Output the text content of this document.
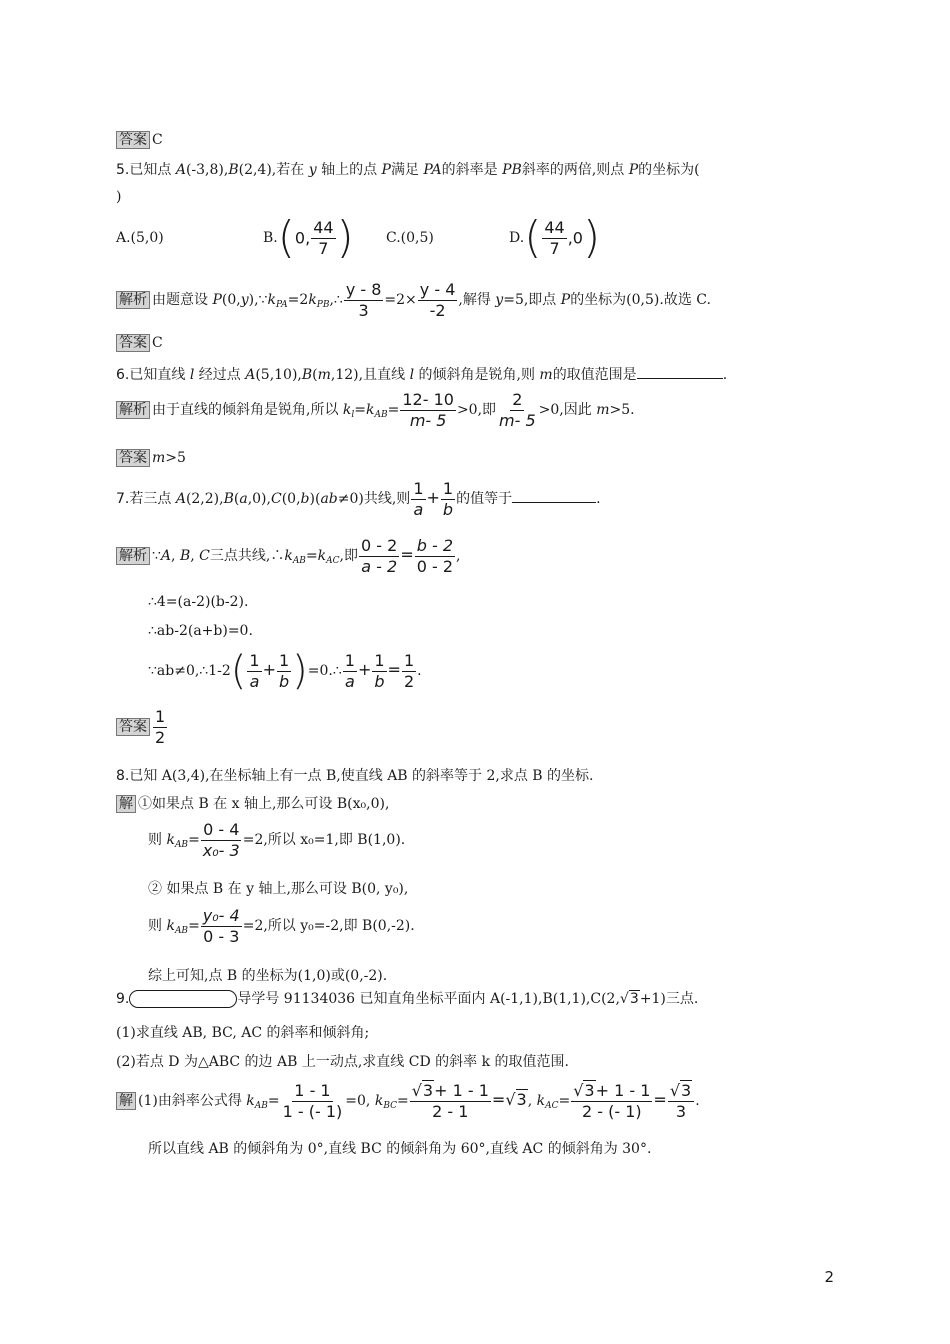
答案 C
5.已知点 A(-3,8),B(2,4),若在 y 轴上的点 P满足 PA的斜率是 PB斜率的两倍,则点 P的坐标为(
)
A.(5,0)	B.(0, $\frac{44}{7}$ ) C.(0,5)	$D.( \frac{44}{7} ,0)$
解析 由题意设 $P(0,y),\because k_{PA}=2k_{PB},\therefore \frac{y - 8}{3} =2\times \frac{y - 4}{-2}$ ,解得 y=5,即点 P的坐标为(0,5).故选 C.
答案 C
6.已知直线 l 经过点 A(5,10),B(m,12),且直线 l 的倾斜角是锐角,则 m的取值范围是	.
解析 由于直线的倾斜角是锐角,所以 $k_l=k_{AB}= \frac{12- 10}{m- 5} >0$,即 $\frac{2}{m- 5} >0$,因此 m>5.
答案 m>5
7.若三点 A(2,2),B(a,0),C(0,b)(ab≠0)共线,则 $\frac{1}{a} + \frac{1}{b}$ 的值等于	.
解析 ∵A, B, C三点共线$,\therefore k_{AB}=k_{AC}$,即 $\frac{0 - 2}{a - 2} = \frac{b - 2}{0 - 2}$ ,
∴4=(a-2)(b-2).
∴ab-2(a+b)=0.
∵ab≠0,∴1-2( $\frac{1}{a} + \frac{1}{b}$ )=0.∴ $\frac{1}{a} + \frac{1}{b} = \frac{1}{2}$ .
答案 $\frac{1}{2}$
8.已知 A(3,4),在坐标轴上有一点 B,使直线 AB 的斜率等于 2,求点 B 的坐标.
解 ①如果点 B 在 x 轴上,那么可设 B(x₀,0),
则 $k_{AB}= \frac{0 - 4}{\text{x₀- 3}} =2$,所以 x₀=1,即 B(1,0).
② 如果点 B 在 y 轴上,那么可设 B(0, y₀),
则 $k_{AB}= \frac{\text{y₀- 4}}{0 - 3} =2$,所以 y₀=-2,即 B(0,-2).
综上可知,点 B 的坐标为(1,0)或(0,-2).
9.	导学号 91134036 已知直角坐标平面内 A(-1,1),B(1,1),C(2,√3+1)三点.
(1)求直线 AB, BC, AC 的斜率和倾斜角;
(2)若点 D 为△ABC 的边 AB 上一动点,求直线 CD 的斜率 k 的取值范围.
解 (1)由斜率公式得 $k_{AB}= \frac{1 - 1}{1 - (- 1)} =0$, $k_{BC}= \frac{√3+ 1 - 1}{2 - 1} =√3$, $k_{AC}= \frac{√3+ 1 - 1}{2 - (- 1)} = \frac{√3}{3}$ .
所以直线 AB 的倾斜角为 0°,直线 BC 的倾斜角为 60°,直线 AC 的倾斜角为 30°.
2
